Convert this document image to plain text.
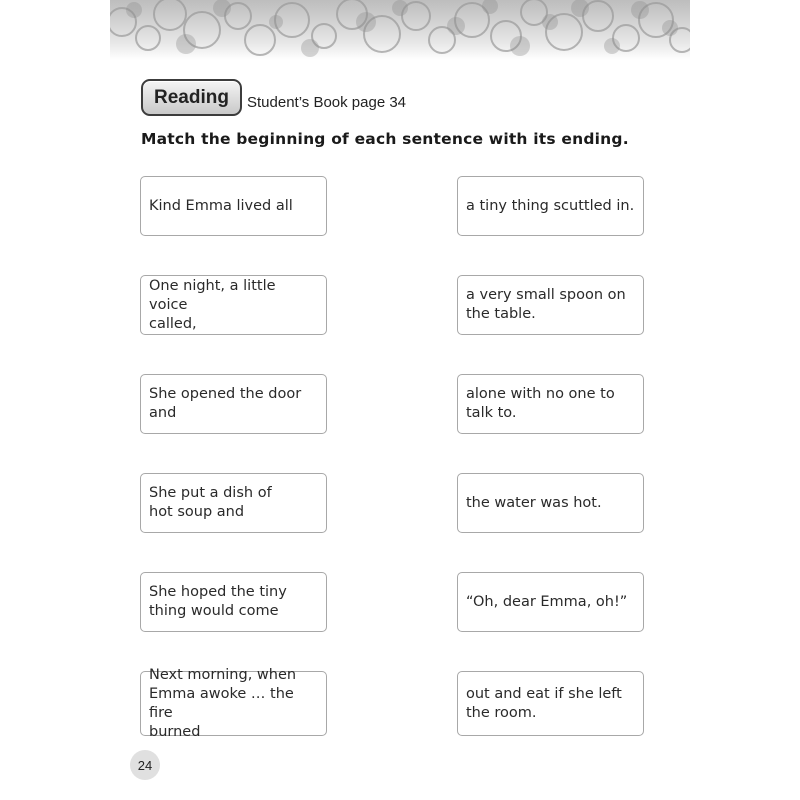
Reading	Student’s Book page 34
Match the beginning of each sentence with its ending.
Kind Emma lived all
One night, a little voice
called,
She opened the door and
She put a dish of
hot soup and
She hoped the tiny
thing would come
Next morning, when
Emma awoke … the fire
burned
a tiny thing scuttled in.
a very small spoon on
the table.
alone with no one to
talk to.
the water was hot.
“Oh, dear Emma, oh!”
out and eat if she left
the room.
24
